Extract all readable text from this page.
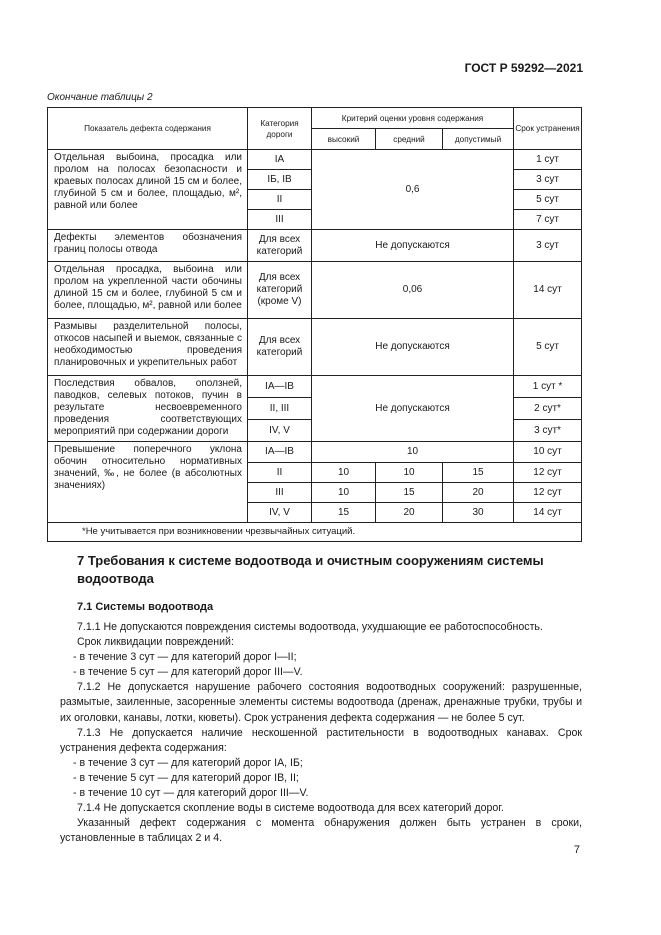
ГОСТ Р 59292—2021
Окончание таблицы 2
Показатель дефекта содержания	Категория дороги	Критерий оценки уровня содержания			Срок устранения
		высокий	средний	допустимый	
Отдельная выбоина, просадка или пролом на полосах безопасности и краевых полосах длиной 15 см и более, глубиной 5 см и более, площадью, м², равной или более	IA	0,6			1 сут
	IБ, IB				3 сут
	II				5 сут
	III				7 сут
Дефекты элементов обозначения границ полосы отвода	Для всех категорий	Не допускаются			3 сут
Отдельная просадка, выбоина или пролом на укрепленной части обочины длиной 15 см и более, глубиной 5 см и более, площадью, м², равной или более	Для всех категорий (кроме V)	0,06			14 сут
Размывы разделительной полосы, откосов насыпей и выемок, связанные с необходимостью проведения планировочных и укрепительных работ	Для всех категорий	Не допускаются			5 сут
Последствия обвалов, оползней, паводков, селевых потоков, пучин в результате несвоевременного проведения соответствующих мероприятий при содержании дороги	IA—IB	Не допускаются			1 сут *
	II, III				2 сут*
	IV, V				3 сут*
Превышение поперечного уклона обочин относительно нормативных значений, ‰, не более (в абсолютных значениях)	IA—IB	10			10 сут
	II	10	10	15	12 сут
	III	10	15	20	12 сут
	IV, V	15	20	30	14 сут
*Не учитывается при возникновении чрезвычайных ситуаций.					
7 Требования к системе водоотвода и очистным сооружениям системы водоотвода
7.1 Системы водоотвода

7.1.1 Не допускаются повреждения системы водоотвода, ухудшающие ее работоспособность.

Срок ликвидации повреждений:

- в течение 3 сут — для категорий дорог I—II;

- в течение 5 сут — для категорий дорог III—V.

7.1.2 Не допускается нарушение рабочего состояния водоотводных сооружений: разрушенные, размытые, заиленные, засоренные элементы системы водоотвода (дренаж, дренажные трубки, трубы и их оголовки, канавы, лотки, кюветы). Срок устранения дефекта содержания — не более 5 сут.

7.1.3 Не допускается наличие нескошенной растительности в водоотводных канавах. Срок устранения дефекта содержания:

- в течение 3 сут — для категорий дорог IA, IБ;

- в течение 5 сут — для категорий дорог IB, II;

- в течение 10 сут — для категорий дорог III—V.

7.1.4 Не допускается скопление воды в системе водоотвода для всех категорий дорог.

Указанный дефект содержания с момента обнаружения должен быть устранен в сроки, установленные в таблицах 2 и 4.

7
